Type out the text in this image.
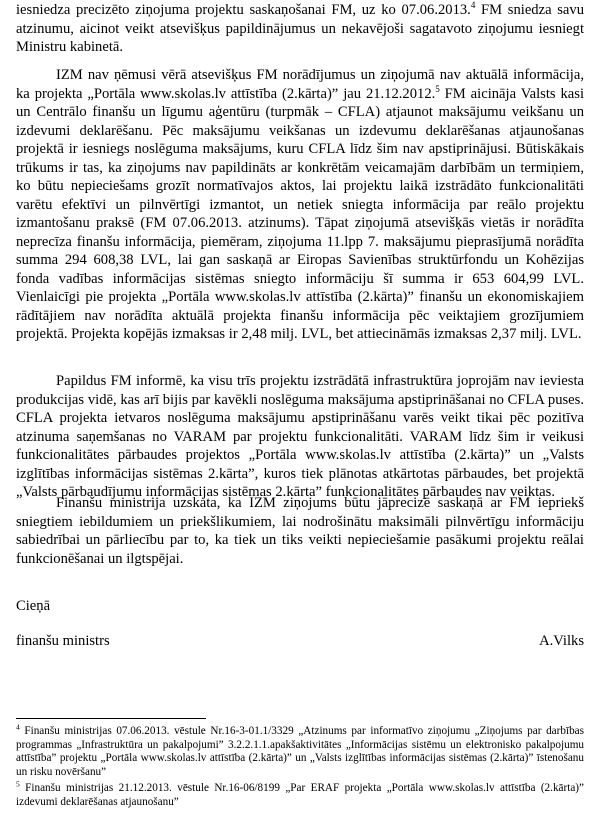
iesniedza precizēto ziņojuma projektu saskaņošanai FM, uz ko 07.06.2013.$^4$ FM sniedza savu atzinumu, aicinot veikt atsevišķus papildinājumus un nekavējoši sagatavoto ziņojumu iesniegt Ministru kabinetā.

IZM nav ņēmusi vērā atsevišķus FM norādījumus un ziņojumā nav aktuālā informācija, ka projekta „Portāla www.skolas.lv attīstība (2.kārta)” jau 21.12.2012.$^5$ FM aicināja Valsts kasi un Centrālo finanšu un līgumu aģentūru (turpmāk – CFLA) atjaunot maksājumu veikšanu un izdevumi deklarēšanu. Pēc maksājumu veikšanas un izdevumu deklarēšanas atjaunošanas projektā ir iesniegs noslēguma maksājums, kuru CFLA līdz šim nav apstiprinājusi. Būtiskākais trūkums ir tas, ka ziņojums nav papildināts ar konkrētām veicamajām darbībām un termiņiem, ko būtu nepieciešams grozīt normatīvajos aktos, lai projektu laikā izstrādāto funkcionalitāti varētu efektīvi un pilnvērtīgi izmantot, un netiek sniegta informācija par reālo projektu izmantošanu praksē (FM 07.06.2013. atzinums). Tāpat ziņojumā atsevišķās vietās ir norādīta neprecīza finanšu informācija, piemēram, ziņojuma 11.lpp 7. maksājumu pieprasījumā norādīta summa 294 608,38 LVL, lai gan saskaņā ar Eiropas Savienības struktūrfondu un Kohēzijas fonda vadības informācijas sistēmas sniegto informāciju šī summa ir 653 604,99 LVL. Vienlaicīgi pie projekta „Portāla www.skolas.lv attīstība (2.kārta)” finanšu un ekonomiskajiem rādītājiem nav norādīta aktuālā projekta finanšu informācija pēc veiktajiem grozījumiem projektā. Projekta kopējās izmaksas ir 2,48 milj. LVL, bet attiecināmās izmaksas 2,37 milj. LVL.

Papildus FM informē, ka visu trīs projektu izstrādātā infrastruktūra joprojām nav ieviesta produkcijas vidē, kas arī bijis par kavēkli noslēguma maksājuma apstiprināšanai no CFLA puses. CFLA projekta ietvaros noslēguma maksājumu apstiprināšanu varēs veikt tikai pēc pozitīva atzinuma saņemšanas no VARAM par projektu funkcionalitāti. VARAM līdz šim ir veikusi funkcionalitātes pārbaudes projektos „Portāla www.skolas.lv attīstība (2.kārta)” un „Valsts izglītības informācijas sistēmas 2.kārta”, kuros tiek plānotas atkārtotas pārbaudes, bet projektā „Valsts pārbaudījumu informācijas sistēmas 2.kārta” funkcionalitātes pārbaudes nav veiktas.

Finanšu ministrija uzskata, ka IZM ziņojums būtu jāprecizē saskaņā ar FM iepriekš sniegtiem iebildumiem un priekšlikumiem, lai nodrošinātu maksimāli pilnvērtīgu informāciju sabiedrībai un pārliecību par to, ka tiek un tiks veikti nepieciešamie pasākumi projektu reālai funkcionēšanai un ilgtspējai.

Cieņā
finanšu ministrs	A.Vilks

$^4$ Finanšu ministrijas 07.06.2013. vēstule Nr.16-3-01.1/3329 „Atzinums par informatīvo ziņojumu „Ziņojums par darbības programmas „Infrastruktūra un pakalpojumi” 3.2.2.1.1.apakšaktivitātes „Informācijas sistēmu un elektronisko pakalpojumu attīstība” projektu „Portāla www.skolas.lv attīstība (2.kārta)” un „Valsts izglītības informācijas sistēmas (2.kārta)” īstenošanu un risku novēršanu”

$^5$ Finanšu ministrijas 21.12.2013. vēstule Nr.16-06/8199 „Par ERAF projekta „Portāla www.skolas.lv attīstība (2.kārta)” izdevumi deklarēšanas atjaunošanu”
